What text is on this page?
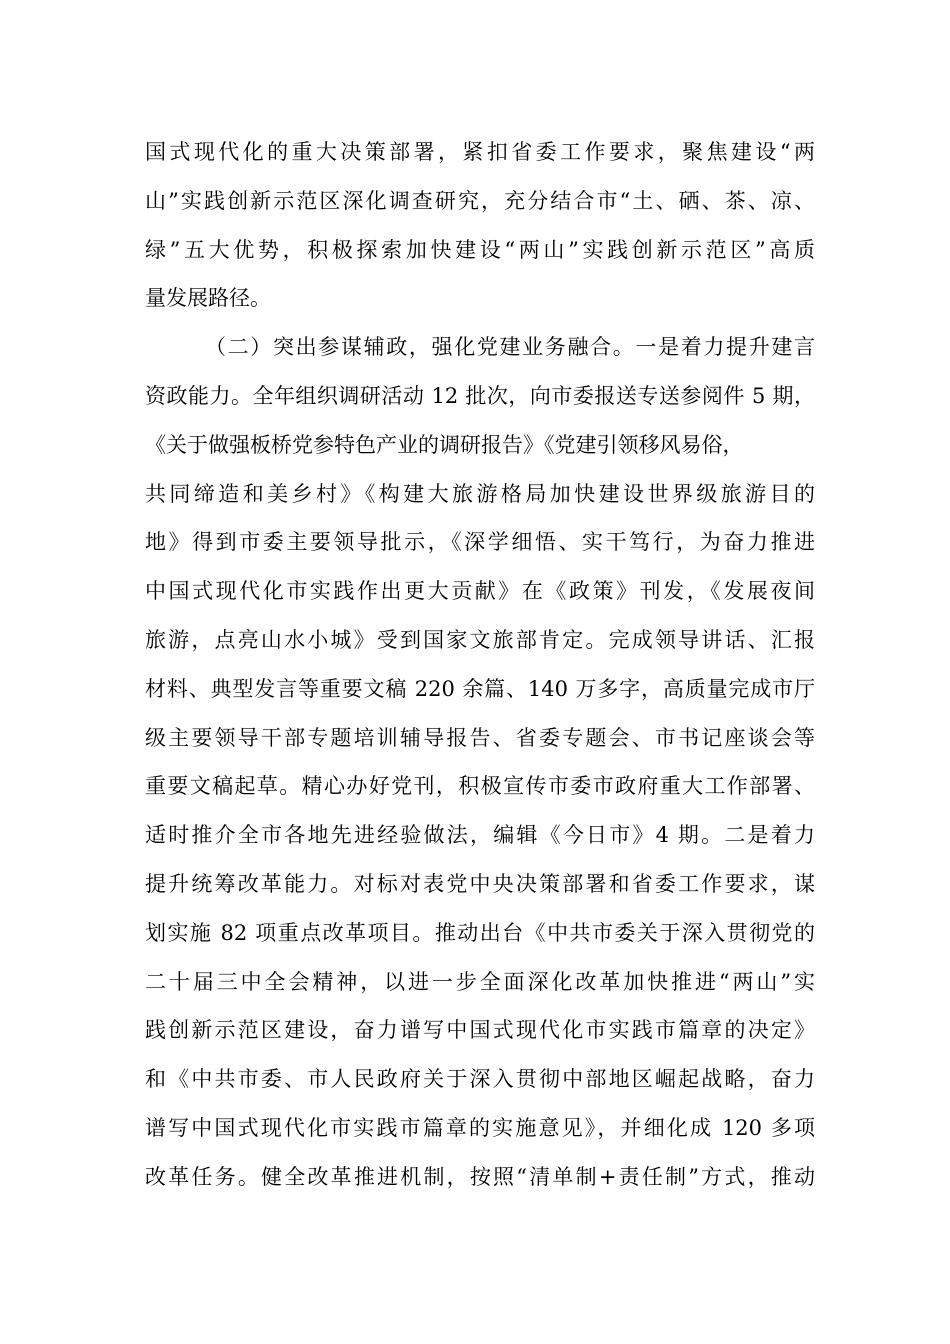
国式现代化的重大决策部署，紧扣省委工作要求，聚焦建设“两
山”实践创新示范区深化调查研究，充分结合市“土、硒、茶、凉、
绿”五大优势，积极探索加快建设“两山”实践创新示范区”高质
量发展路径。
（二）突出参谋辅政，强化党建业务融合。一是着力提升建言
资政能力。全年组织调研活动 12 批次，向市委报送专送参阅件 5 期，
《关于做强板桥党参特色产业的调研报告》《党建引领移风易俗，
共同缔造和美乡村》《构建大旅游格局加快建设世界级旅游目的
地》得到市委主要领导批示，《深学细悟、实干笃行，为奋力推进
中国式现代化市实践作出更大贡献》在《政策》刊发，《发展夜间
旅游，点亮山水小城》受到国家文旅部肯定。完成领导讲话、汇报
材料、典型发言等重要文稿 220 余篇、140 万多字，高质量完成市厅
级主要领导干部专题培训辅导报告、省委专题会、市书记座谈会等
重要文稿起草。精心办好党刊，积极宣传市委市政府重大工作部署、
适时推介全市各地先进经验做法，编辑《今日市》4 期。二是着力
提升统筹改革能力。对标对表党中央决策部署和省委工作要求，谋
划实施 82 项重点改革项目。推动出台《中共市委关于深入贯彻党的
二十届三中全会精神，以进一步全面深化改革加快推进“两山”实
践创新示范区建设，奋力谱写中国式现代化市实践市篇章的决定》
和《中共市委、市人民政府关于深入贯彻中部地区崛起战略，奋力
谱写中国式现代化市实践市篇章的实施意见》，并细化成 120 多项
改革任务。健全改革推进机制，按照“清单制+责任制”方式，推动
